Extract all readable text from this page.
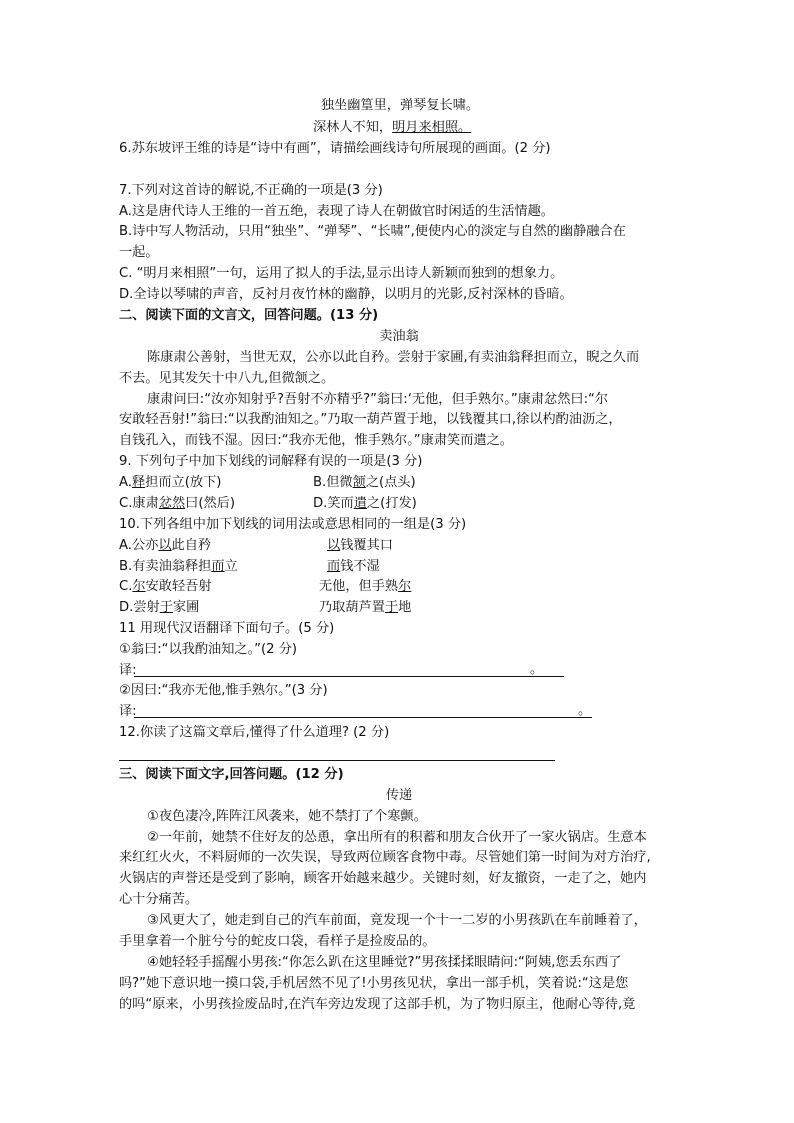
独坐幽篁里，弹琴复长啸。
深林人不知，明月来相照。
6.苏东坡评王维的诗是“诗中有画”，请描绘画线诗句所展现的画面。(2 分)
7.下列对这首诗的解说,不正确的一项是(3 分)
A.这是唐代诗人王维的一首五绝，表现了诗人在朝做官时闲适的生活情趣。
B.诗中写人物活动，只用“独坐”、“弹琴”、“长啸”,便使内心的淡定与自然的幽静融合在
一起。
C. “明月来相照”一句，运用了拟人的手法,显示出诗人新颖而独到的想象力。
D.全诗以琴啸的声音，反衬月夜竹林的幽静，以明月的光影,反衬深林的昏暗。
二、阅读下面的文言文，回答问题。(13 分)
卖油翁
陈康肃公善射，当世无双，公亦以此自矜。尝射于家圃,有卖油翁释担而立，睨之久而
不去。见其发矢十中八九,但微颔之。
康肃问曰:“汝亦知射乎?吾射不亦精乎?”翁曰:‘无他，但手熟尔。”康肃忿然曰:“尔
安敢轻吾射!”翁曰:“以我酌油知之。”乃取一葫芦置于地，以钱覆其口,徐以杓酌油沥之，
自钱孔入，而钱不湿。因曰:“我亦无他，惟手熟尔。”康肃笑而遣之。
9. 下列句子中加下划线的词解释有误的一项是(3 分)
A.释担而立(放下)	B.但微颔之(点头)
C.康肃忿然曰(然后)	D.笑而遣之(打发)
10.下列各组中加下划线的词用法或意思相同的一组是(3 分)
A.公亦以此自矜	以钱覆其口
B.有卖油翁释担而立	而钱不湿
C.尔安敢轻吾射	无他，但手熟尔
D.尝射于家圃	乃取葫芦置于地
11 用现代汉语翻译下面句子。(5 分)
①翁曰:“以我酌油知之。”(2 分)
译:	。
②因曰:“我亦无他,惟手熟尔。”(3 分)
译:	。
12.你读了这篇文章后,懂得了什么道理? (2 分)
三、阅读下面文字,回答问题。(12 分)
传递
①夜色凄冷,阵阵江风袭来，她不禁打了个寒颤。
②一年前，她禁不住好友的怂恿，拿出所有的积蓄和朋友合伙开了一家火锅店。生意本
来红红火火，不料厨师的一次失误，导致两位顾客食物中毒。尽管她们第一时间为对方治疗,
火锅店的声誉还是受到了影响，顾客开始越来越少。关键时刻，好友撤资，一走了之，她内
心十分痛苦。
③风更大了，她走到自己的汽车前面，竟发现一个十一二岁的小男孩趴在车前睡着了，
手里拿着一个脏兮兮的蛇皮口袋，看样子是捡废品的。
④她轻轻手摇醒小男孩:“你怎么趴在这里睡觉?”男孩揉揉眼睛问:“阿姨,您丢东西了
吗?”她下意识地一摸口袋,手机居然不见了!小男孩见状，拿出一部手机，笑着说:“这是您
的吗“原来，小男孩捡废品时,在汽车旁边发现了这部手机，为了物归原主，他耐心等待,竟
